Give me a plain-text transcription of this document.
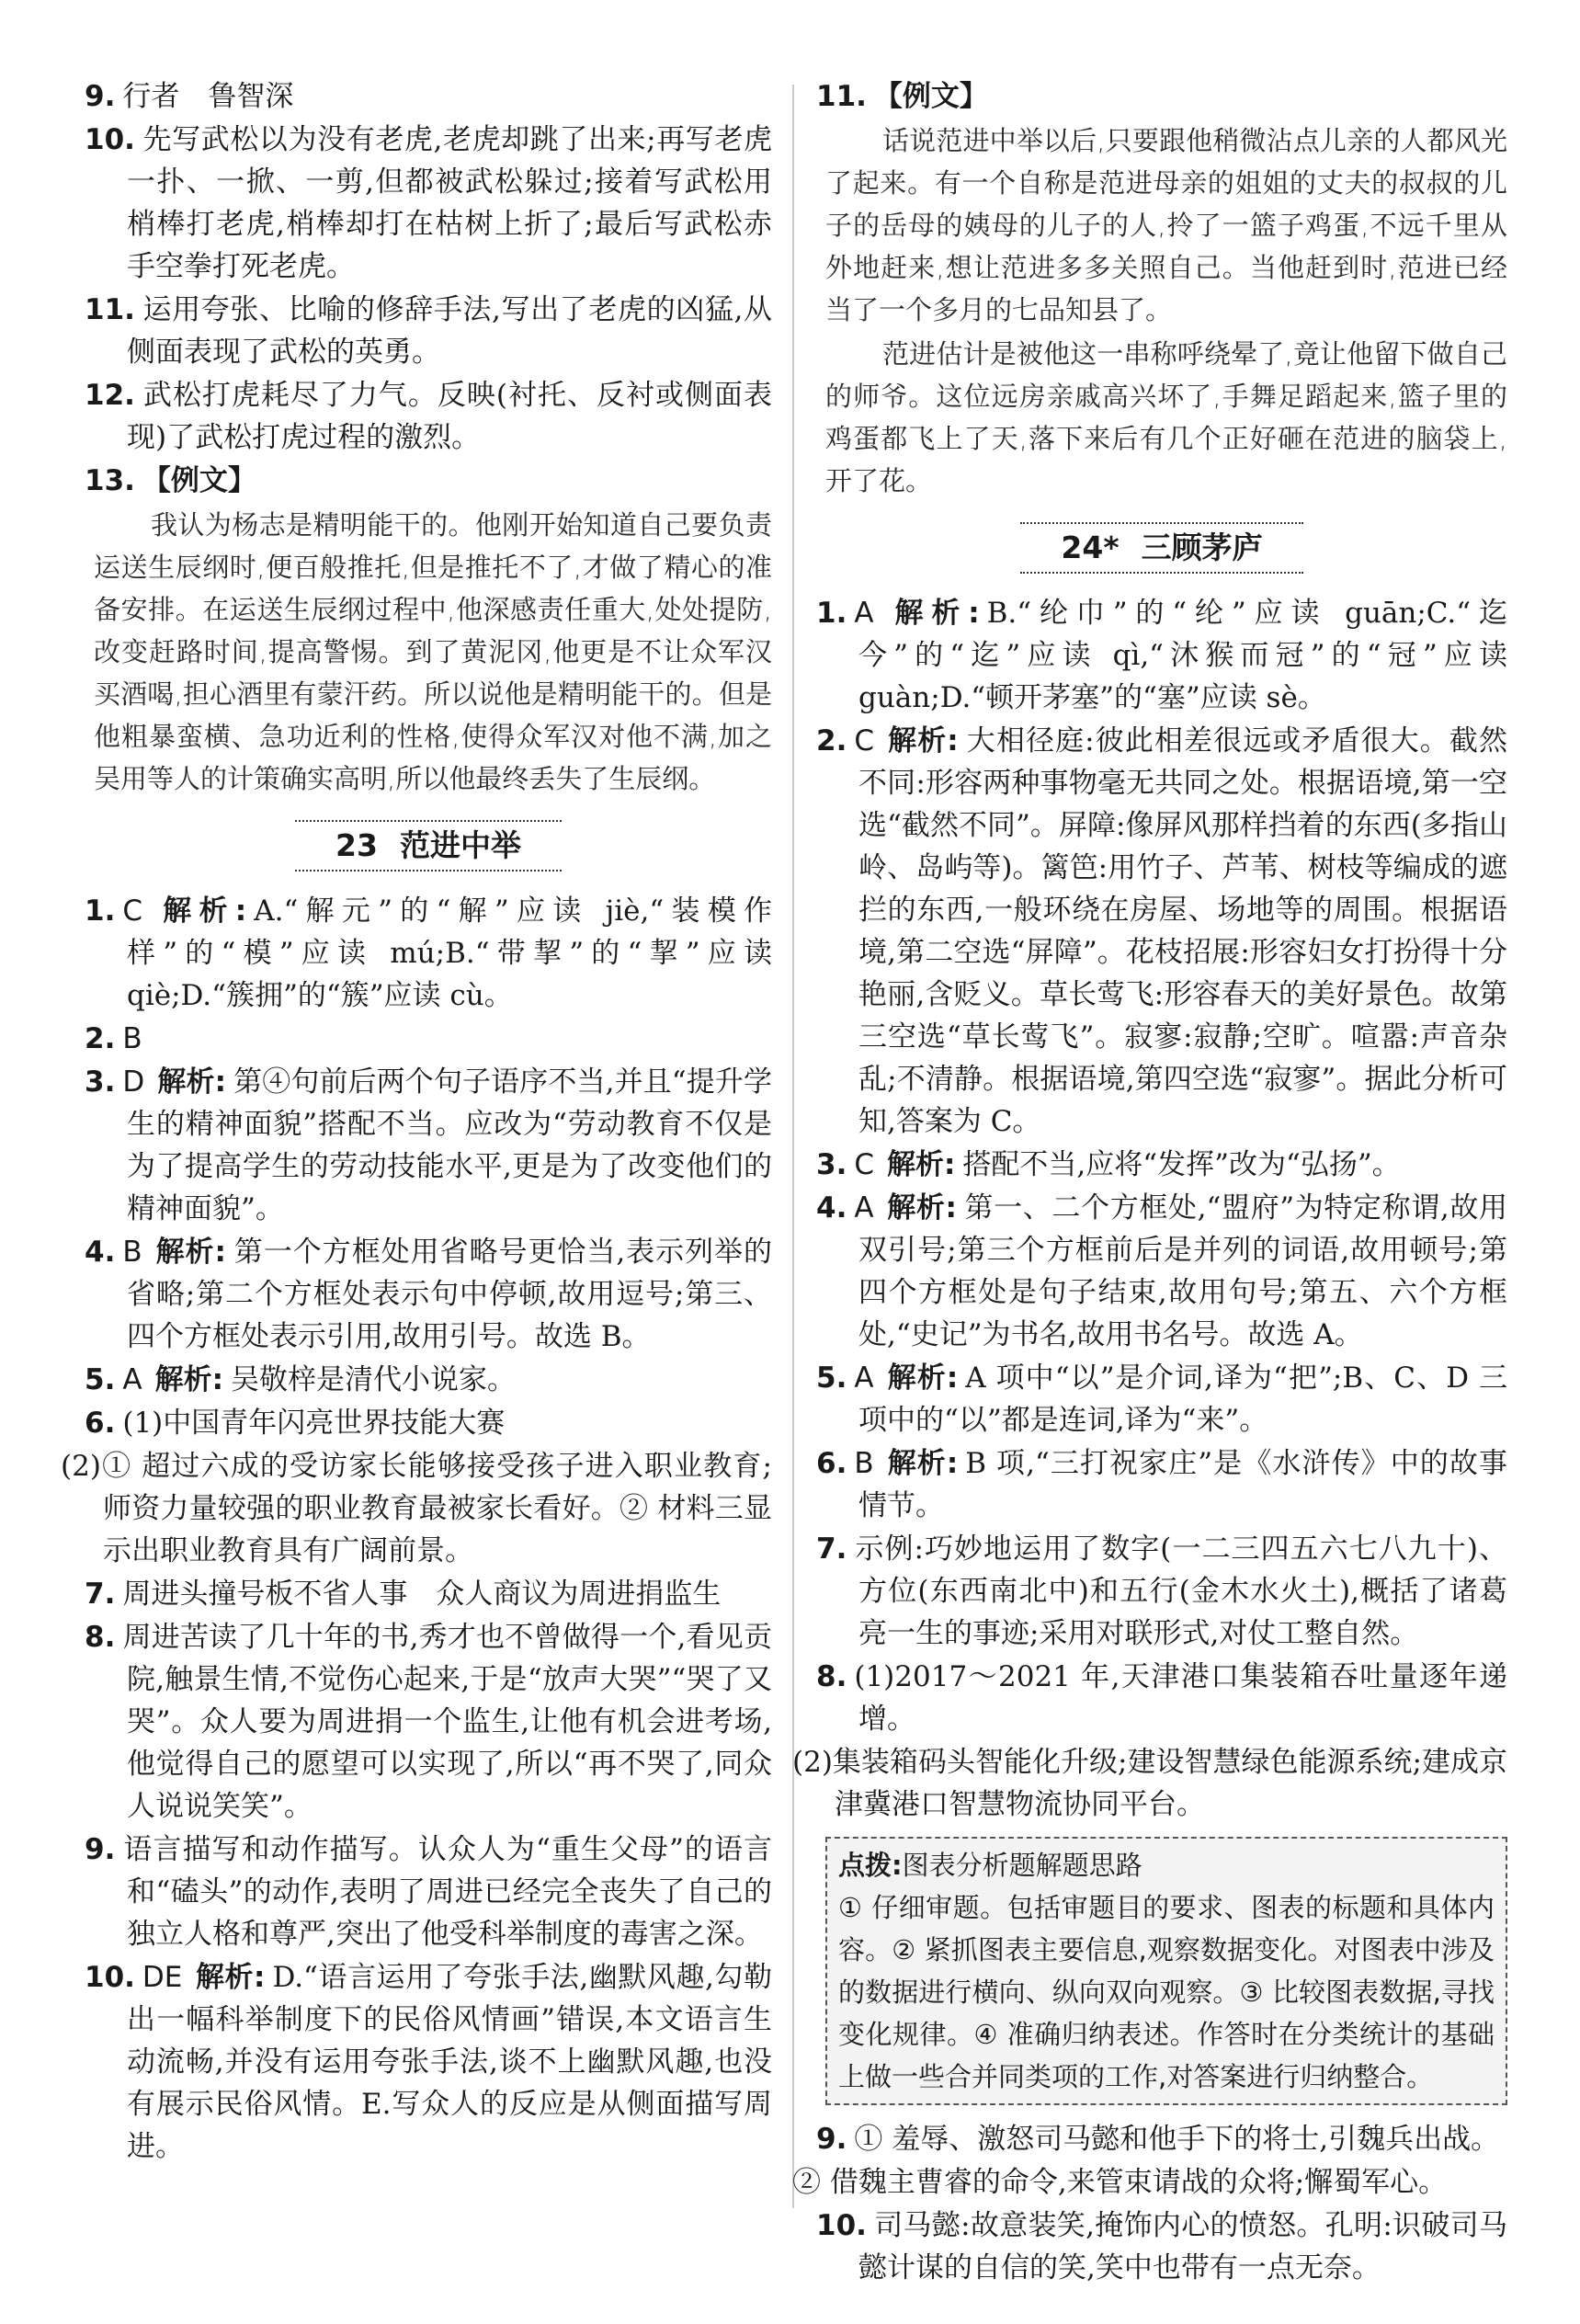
9. 行者　鲁智深
10. 先写武松以为没有老虎,老虎却跳了出来;再写老虎一扑、一掀、一剪,但都被武松躲过;接着写武松用梢棒打老虎,梢棒却打在枯树上折了;最后写武松赤手空拳打死老虎。
11. 运用夸张、比喻的修辞手法,写出了老虎的凶猛,从侧面表现了武松的英勇。
12. 武松打虎耗尽了力气。反映(衬托、反衬或侧面表现)了武松打虎过程的激烈。
13. 【例文】
我认为杨志是精明能干的。他刚开始知道自己要负责运送生辰纲时,便百般推托,但是推托不了,才做了精心的准备安排。在运送生辰纲过程中,他深感责任重大,处处提防,改变赶路时间,提高警惕。到了黄泥冈,他更是不让众军汉买酒喝,担心酒里有蒙汗药。所以说他是精明能干的。但是他粗暴蛮横、急功近利的性格,使得众军汉对他不满,加之吴用等人的计策确实高明,所以他最终丢失了生辰纲。
23 范进中举
1. C 解析: A.“解元”的“解”应读 jiè,“装模作样”的“模”应读 mú;B.“带挈”的“挈”应读 qiè;D.“簇拥”的“簇”应读 cù。
2. B
3. D 解析: 第④句前后两个句子语序不当,并且“提升学生的精神面貌”搭配不当。应改为“劳动教育不仅是为了提高学生的劳动技能水平,更是为了改变他们的精神面貌”。
4. B 解析: 第一个方框处用省略号更恰当,表示列举的省略;第二个方框处表示句中停顿,故用逗号;第三、四个方框处表示引用,故用引号。故选 B。
5. A 解析: 吴敬梓是清代小说家。
6. (1)中国青年闪亮世界技能大赛
(2)① 超过六成的受访家长能够接受孩子进入职业教育;师资力量较强的职业教育最被家长看好。② 材料三显示出职业教育具有广阔前景。
7. 周进头撞号板不省人事　众人商议为周进捐监生
8. 周进苦读了几十年的书,秀才也不曾做得一个,看见贡院,触景生情,不觉伤心起来,于是“放声大哭”“哭了又哭”。众人要为周进捐一个监生,让他有机会进考场,他觉得自己的愿望可以实现了,所以“再不哭了,同众人说说笑笑”。
9. 语言描写和动作描写。认众人为“重生父母”的语言和“磕头”的动作,表明了周进已经完全丧失了自己的独立人格和尊严,突出了他受科举制度的毒害之深。
10. DE 解析: D.“语言运用了夸张手法,幽默风趣,勾勒出一幅科举制度下的民俗风情画”错误,本文语言生动流畅,并没有运用夸张手法,谈不上幽默风趣,也没有展示民俗风情。E.写众人的反应是从侧面描写周进。
11. 【例文】
话说范进中举以后,只要跟他稍微沾点儿亲的人都风光了起来。有一个自称是范进母亲的姐姐的丈夫的叔叔的儿子的岳母的姨母的儿子的人,拎了一篮子鸡蛋,不远千里从外地赶来,想让范进多多关照自己。当他赶到时,范进已经当了一个多月的七品知县了。
范进估计是被他这一串称呼绕晕了,竟让他留下做自己的师爷。这位远房亲戚高兴坏了,手舞足蹈起来,篮子里的鸡蛋都飞上了天,落下来后有几个正好砸在范进的脑袋上,开了花。
24* 三顾茅庐
1. A 解析: B.“纶巾”的“纶”应读 guān;C.“迄今”的“迄”应读 qì,“沐猴而冠”的“冠”应读 guàn;D.“顿开茅塞”的“塞”应读 sè。
2. C 解析: 大相径庭:彼此相差很远或矛盾很大。截然不同:形容两种事物毫无共同之处。根据语境,第一空选“截然不同”。屏障:像屏风那样挡着的东西(多指山岭、岛屿等)。篱笆:用竹子、芦苇、树枝等编成的遮拦的东西,一般环绕在房屋、场地等的周围。根据语境,第二空选“屏障”。花枝招展:形容妇女打扮得十分艳丽,含贬义。草长莺飞:形容春天的美好景色。故第三空选“草长莺飞”。寂寥:寂静;空旷。喧嚣:声音杂乱;不清静。根据语境,第四空选“寂寥”。据此分析可知,答案为 C。
3. C 解析: 搭配不当,应将“发挥”改为“弘扬”。
4. A 解析: 第一、二个方框处,“盟府”为特定称谓,故用双引号;第三个方框前后是并列的词语,故用顿号;第四个方框处是句子结束,故用句号;第五、六个方框处,“史记”为书名,故用书名号。故选 A。
5. A 解析: A 项中“以”是介词,译为“把”;B、C、D 三项中的“以”都是连词,译为“来”。
6. B 解析: B 项,“三打祝家庄”是《水浒传》中的故事情节。
7. 示例:巧妙地运用了数字(一二三四五六七八九十)、方位(东西南北中)和五行(金木水火土),概括了诸葛亮一生的事迹;采用对联形式,对仗工整自然。
8. (1)2017～2021 年,天津港口集装箱吞吐量逐年递增。
(2)集装箱码头智能化升级;建设智慧绿色能源系统;建成京津冀港口智慧物流协同平台。
点拨:图表分析题解题思路
① 仔细审题。包括审题目的要求、图表的标题和具体内容。② 紧抓图表主要信息,观察数据变化。对图表中涉及的数据进行横向、纵向双向观察。③ 比较图表数据,寻找变化规律。④ 准确归纳表述。作答时在分类统计的基础上做一些合并同类项的工作,对答案进行归纳整合。
9. ① 羞辱、激怒司马懿和他手下的将士,引魏兵出战。
② 借魏主曹睿的命令,来管束请战的众将;懈蜀军心。
10. 司马懿:故意装笑,掩饰内心的愤怒。孔明:识破司马懿计谋的自信的笑,笑中也带有一点无奈。
